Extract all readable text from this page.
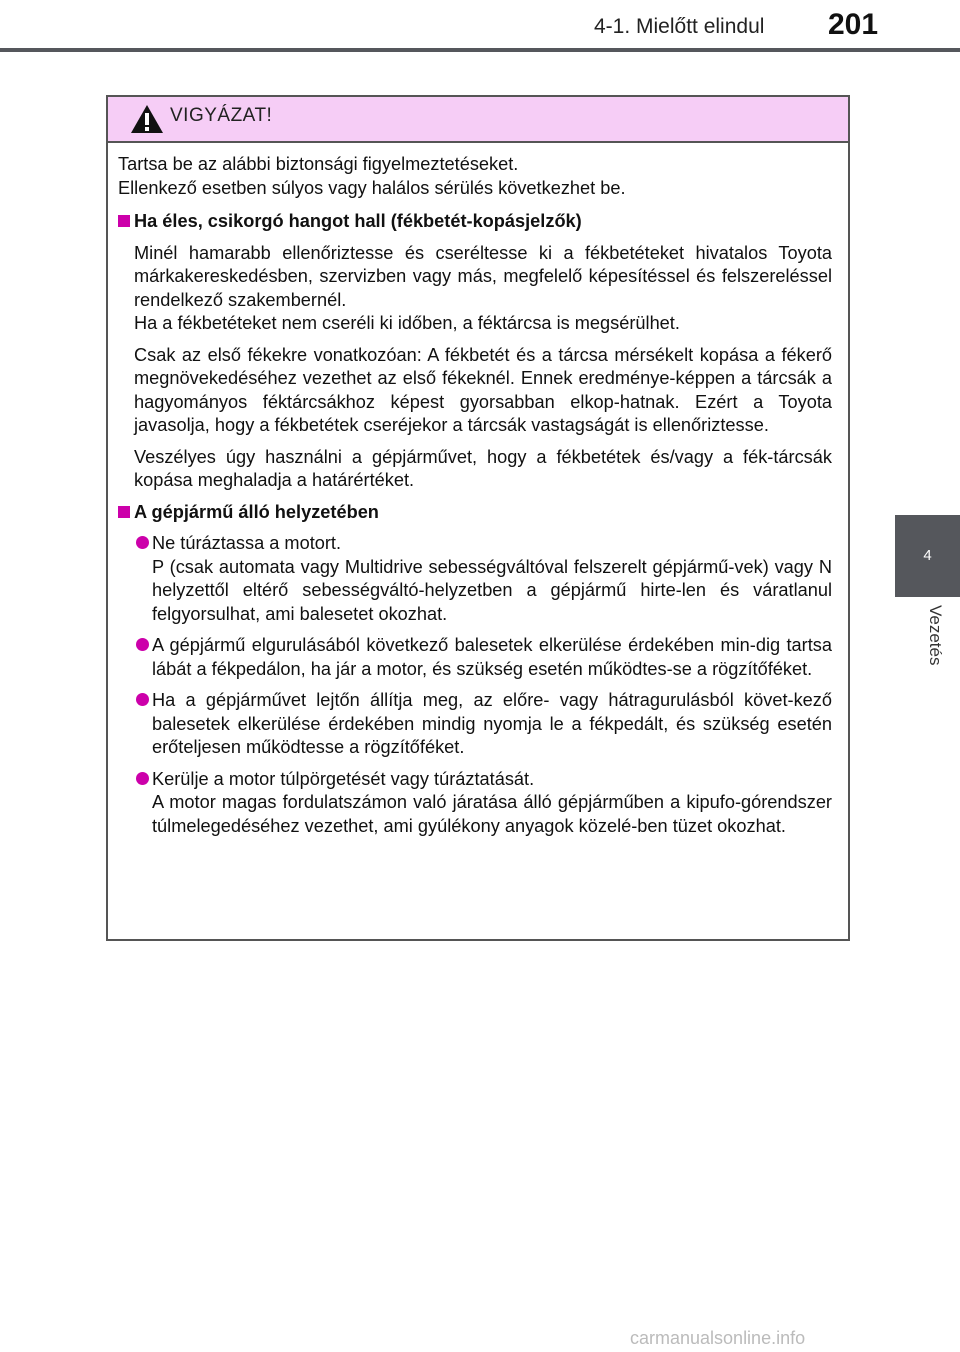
4-1. Mielőtt elindul	201
4
Vezetés
VIGYÁZAT!
Tartsa be az alábbi biztonsági figyelmeztetéseket.
Ellenkező esetben súlyos vagy halálos sérülés következhet be.
Ha éles, csikorgó hangot hall (fékbetét-kopásjelzők)
Minél hamarabb ellenőriztesse és cseréltesse ki a fékbetéteket hivatalos Toyota márkakereskedésben, szervizben vagy más, megfelelő képesítéssel és felszereléssel rendelkező szakembernél.
Ha a fékbetéteket nem cseréli ki időben, a féktárcsa is megsérülhet.
Csak az első fékekre vonatkozóan: A fékbetét és a tárcsa mérsékelt kopása a fékerő megnövekedéséhez vezethet az első fékeknél. Ennek eredménye-képpen a tárcsák a hagyományos féktárcsákhoz képest gyorsabban elkop-hatnak. Ezért a Toyota javasolja, hogy a fékbetétek cseréjekor a tárcsák vastagságát is ellenőriztesse.
Veszélyes úgy használni a gépjárművet, hogy a fékbetétek és/vagy a fék-tárcsák kopása meghaladja a határértéket.
A gépjármű álló helyzetében
Ne túráztassa a motort.
P (csak automata vagy Multidrive sebességváltóval felszerelt gépjármű-vek) vagy N helyzettől eltérő sebességváltó-helyzetben a gépjármű hirte-len és váratlanul felgyorsulhat, ami balesetet okozhat.
A gépjármű elgurulásából következő balesetek elkerülése érdekében min-dig tartsa lábát a fékpedálon, ha jár a motor, és szükség esetén működtes-se a rögzítőféket.
Ha a gépjárművet lejtőn állítja meg, az előre- vagy hátragurulásból követ-kező balesetek elkerülése érdekében mindig nyomja le a fékpedált, és szükség esetén erőteljesen működtesse a rögzítőféket.
Kerülje a motor túlpörgetését vagy túráztatását.
A motor magas fordulatszámon való járatása álló gépjárműben a kipufo-górendszer túlmelegedéséhez vezethet, ami gyúlékony anyagok közelé-ben tüzet okozhat.
carmanualsonline.info
